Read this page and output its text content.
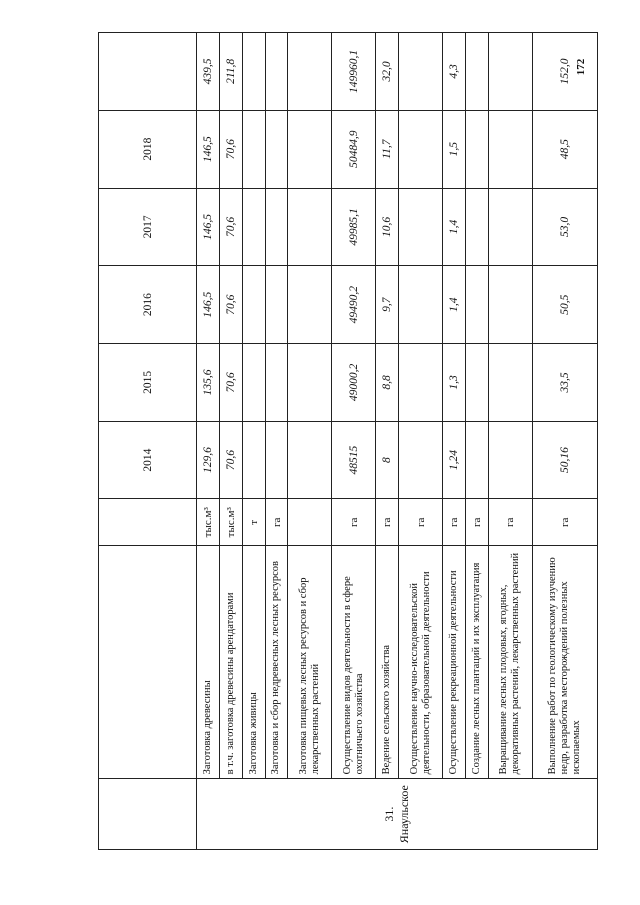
172
			2014	2015	2016	2017	2018	
31. Янаульское	Заготовка древесины	тыс.м³	129,6	135,6	146,5	146,5	146,5	439,5
	в т.ч. заготовка древесины арендаторами	тыс.м³	70,6	70,6	70,6	70,6	70,6	211,8
	Заготовка живицы	т						
	Заготовка и сбор недревесных лесных ресурсов	га						
	Заготовка пищевых лесных ресурсов и сбор лекарственных растений							
	Осуществление видов деятельности в сфере охотничьего хозяйства	га	48515	49000,2	49490,2	49985,1	50484,9	149960,1
	Ведение сельского хозяйства	га	8	8,8	9,7	10,6	11,7	32,0
	Осуществление научно-исследовательской деятельности, образовательной деятельности	га						
	Осуществление рекреационной деятельности	га	1,24	1,3	1,4	1,4	1,5	4,3
	Создание лесных плантаций и их эксплуатация	га						
	Выращивание лесных плодовых, ягодных, декоративных растений, лекарственных растений	га						
	Выполнение работ по геологическому изучению недр, разработка месторождений полезных ископаемых	га	50,16	33,5	50,5	53,0	48,5	152,0
